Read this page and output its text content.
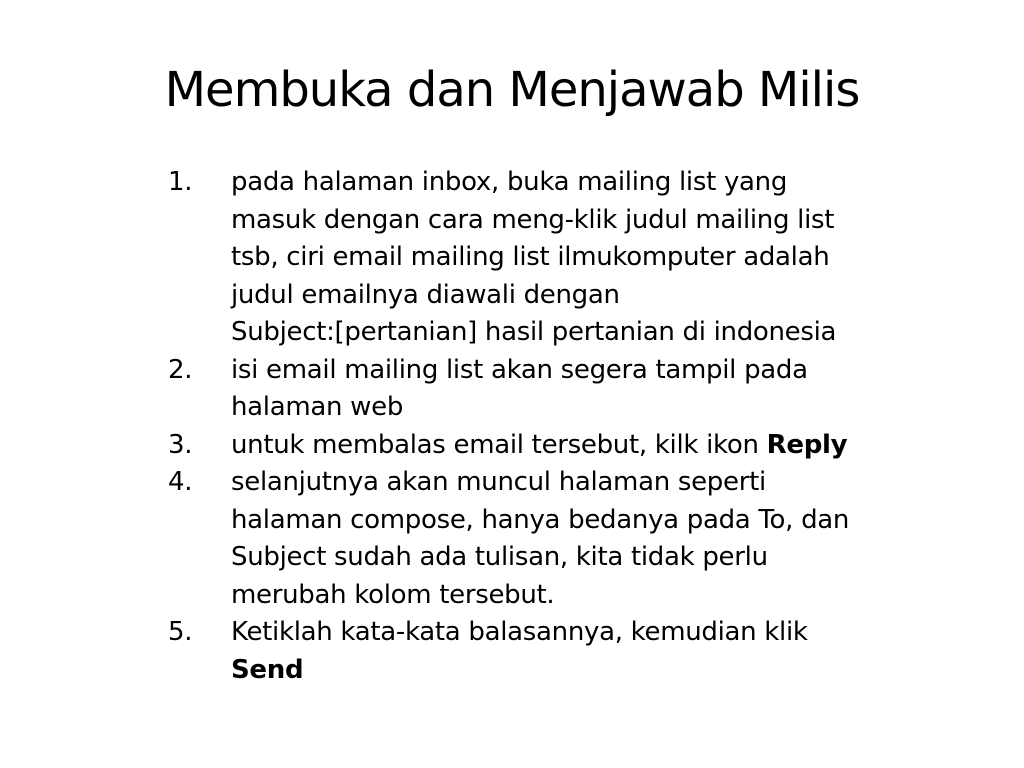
Membuka dan Menjawab Milis
1.	pada halaman inbox, buka mailing list yang
masuk dengan cara meng-klik judul mailing list
tsb, ciri email mailing list ilmukomputer adalah
judul emailnya diawali dengan
Subject:[pertanian] hasil pertanian di indonesia
2.	isi email mailing list akan segera tampil pada
halaman web
3.	untuk membalas email tersebut, kilk ikon Reply
4.	selanjutnya akan muncul halaman seperti
halaman compose, hanya bedanya pada To, dan
Subject sudah ada tulisan, kita tidak perlu
merubah kolom tersebut.
5.	Ketiklah kata-kata balasannya, kemudian klik
Send
